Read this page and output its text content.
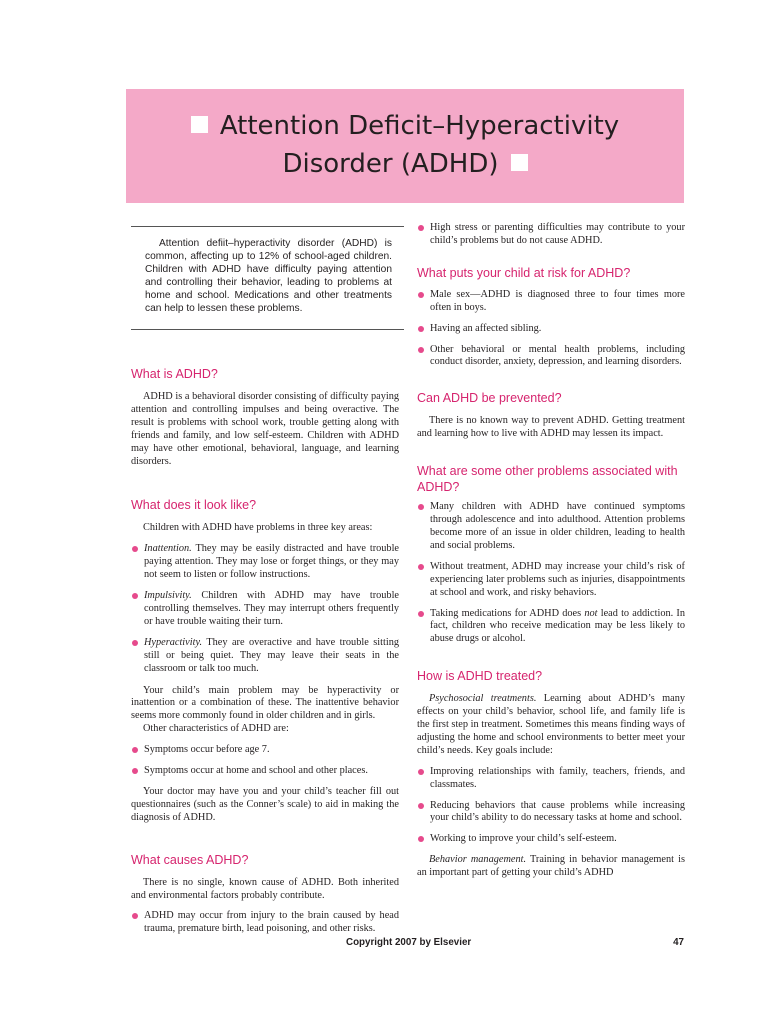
Attention Deficit–Hyperactivity
Disorder (ADHD)

Attention defiit–hyperactivity disorder (ADHD) is common, affecting up to 12% of school-aged children. Children with ADHD have difficulty paying attention and controlling their behavior, leading to problems at home and school. Medications and other treatments can help to lessen these problems.

What is ADHD?

ADHD is a behavioral disorder consisting of difficulty paying attention and controlling impulses and being overactive. The result is problems with school work, trouble getting along with friends and family, and low self-esteem. Children with ADHD may have other emotional, behavioral, language, and learning disorders.

What does it look like?

Children with ADHD have problems in three key areas:

Inattention. They may be easily distracted and have trouble paying attention. They may lose or forget things, or they may not seem to listen or follow instructions.
Impulsivity. Children with ADHD may have trouble controlling themselves. They may interrupt others frequently or have trouble waiting their turn.
Hyperactivity. They are overactive and have trouble sitting still or being quiet. They may leave their seats in the classroom or talk too much.

Your child’s main problem may be hyperactivity or inattention or a combination of these. The inattentive behavior seems more commonly found in older children and in girls.

Other characteristics of ADHD are:

Symptoms occur before age 7.
Symptoms occur at home and school and other places.

Your doctor may have you and your child’s teacher fill out questionnaires (such as the Conner’s scale) to aid in making the diagnosis of ADHD.

What causes ADHD?

There is no single, known cause of ADHD. Both inherited and environmental factors probably contribute.

ADHD may occur from injury to the brain caused by head trauma, premature birth, lead poisoning, and other risks.
High stress or parenting difficulties may contribute to your child’s problems but do not cause ADHD.
What puts your child at risk for ADHD?
Male sex—ADHD is diagnosed three to four times more often in boys.
Having an affected sibling.
Other behavioral or mental health problems, including conduct disorder, anxiety, depression, and learning disorders.
Can ADHD be prevented?

There is no known way to prevent ADHD. Getting treatment and learning how to live with ADHD may lessen its impact.

What are some other problems associated with ADHD?
Many children with ADHD have continued symptoms through adolescence and into adulthood. Attention problems become more of an issue in older children, leading to health and social problems.
Without treatment, ADHD may increase your child’s risk of experiencing later problems such as injuries, disappointments at school and work, and risky behaviors.
Taking medications for ADHD does not lead to addiction. In fact, children who receive medication may be less likely to abuse drugs or alcohol.
How is ADHD treated?

Psychosocial treatments. Learning about ADHD’s many effects on your child’s behavior, school life, and family life is the first step in treatment. Sometimes this means finding ways of adjusting the home and school environments to better meet your child’s needs. Key goals include:

Improving relationships with family, teachers, friends, and classmates.
Reducing behaviors that cause problems while increasing your child’s ability to do necessary tasks at home and school.
Working to improve your child’s self-esteem.

Behavior management. Training in behavior management is an important part of getting your child’s ADHD

Copyright 2007 by Elsevier	47
